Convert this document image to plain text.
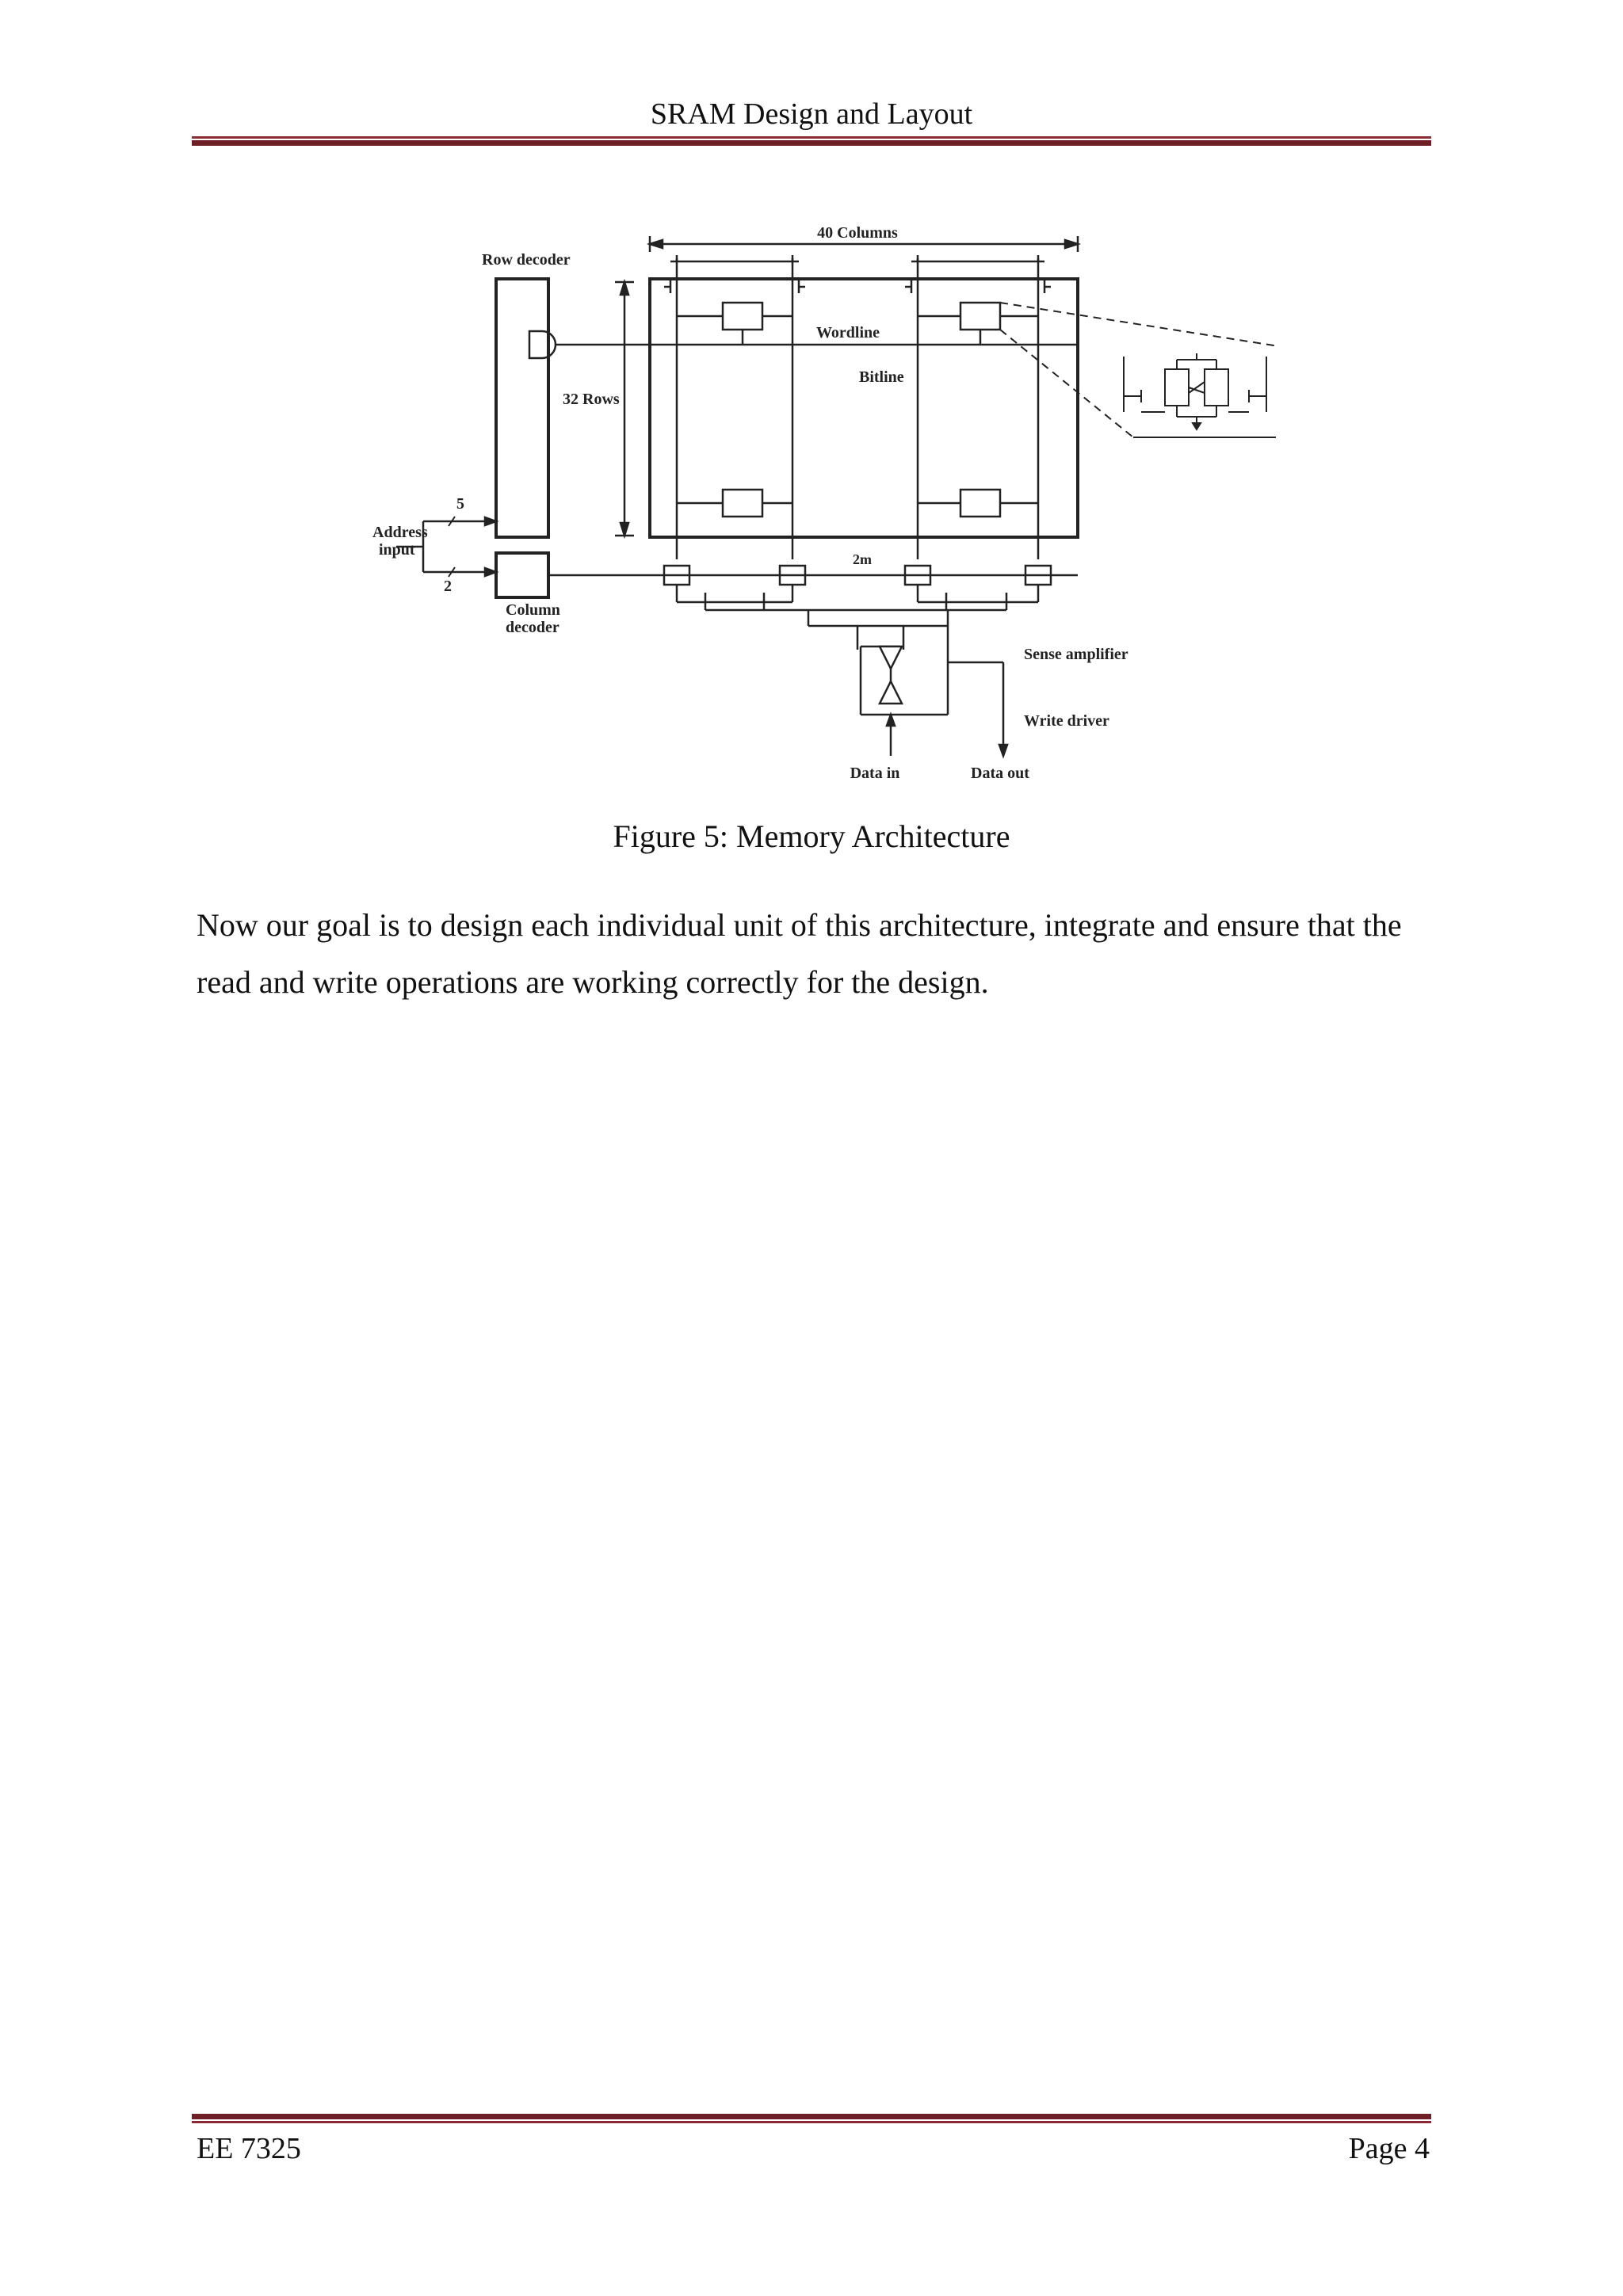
SRAM Design and Layout
40 Columns
Row decoder
Wordline
Bitline
32 Rows
Address
input
5
2
Column
decoder
2m
Sense amplifier
Write driver
Data in	Data out
Figure 5: Memory Architecture

Now our goal is to design each individual unit of this architecture, integrate and ensure that the read and write operations are working correctly for the design.

EE 7325	Page 4
